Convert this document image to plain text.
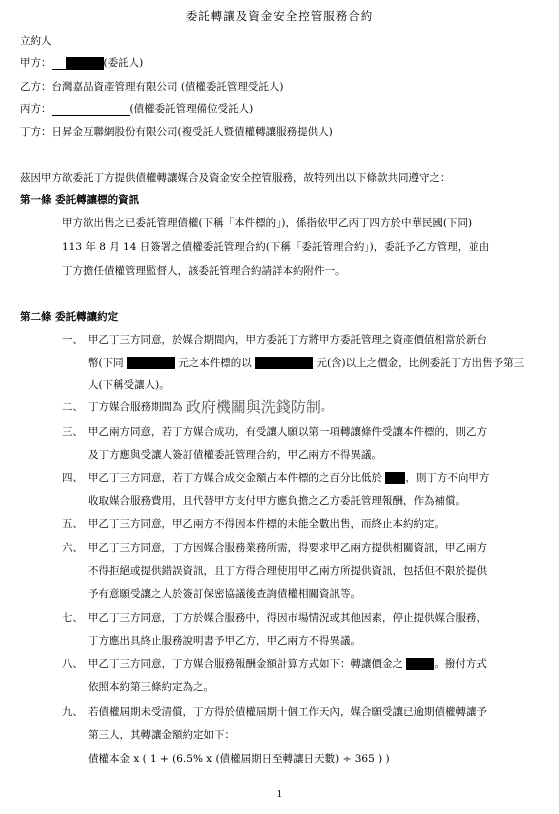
委託轉讓及資金安全控管服務合約
立約人
甲方：	(委託人)
乙方：台灣嘉品資產管理有限公司 (債權委託管理受託人)
丙方：	(債權委託管理備位受託人)
丁方：日昇金互聯網股份有限公司(複受託人暨債權轉讓服務提供人)
茲因甲方欲委託丁方提供債權轉讓媒合及資金安全控管服務，故特列出以下條款共同遵守之：
第一條 委託轉讓標的資訊
甲方欲出售之已委託管理債權(下稱「本件標的」)，係指依甲乙丙丁四方於中華民國(下同)
113 年 8 月 14 日簽署之債權委託管理合約(下稱「委託管理合約」)，委託予乙方管理，並由
丁方擔任債權管理監督人，該委託管理合約請詳本約附件一。
第二條 委託轉讓約定
一、 甲乙丁三方同意，於媒合期間內，甲方委託丁方將甲方委託管理之資產價值相當於新台
幣(下同	元之本件標的以	元(含)以上之價金，比例委託丁方出售予第三
人(下稱受讓人)。
二、 丁方媒合服務期間為 政府機關與洗錢防制。
三、 甲乙兩方同意，若丁方媒合成功，有受讓人願以第一項轉讓條件受讓本件標的，則乙方
及丁方應與受讓人簽訂債權委託管理合約，甲乙兩方不得異議。
四、 甲乙丁三方同意，若丁方媒合成交金額占本件標的之百分比低於 ，則丁方不向甲方
收取媒合服務費用，且代替甲方支付甲方應負擔之乙方委託管理報酬，作為補償。
五、 甲乙丁三方同意，甲乙兩方不得因本件標的未能全數出售，而終止本約約定。
六、 甲乙丁三方同意，丁方因媒合服務業務所需，得要求甲乙兩方提供相關資訊，甲乙兩方
不得拒絕或提供錯誤資訊，且丁方得合理使用甲乙兩方所提供資訊，包括但不限於提供
予有意願受讓之人於簽訂保密協議後查詢債權相關資訊等。
七、 甲乙丁三方同意，丁方於媒合服務中，得因市場情況或其他因素，停止提供媒合服務，
丁方應出具終止服務說明書予甲乙方，甲乙兩方不得異議。
八、 甲乙丁三方同意，丁方媒合服務報酬金額計算方式如下：轉讓價金之	。撥付方式
依照本約第三條約定為之。
九、 若債權屆期未受清償，丁方得於債權屆期十個工作天內，媒合願受讓已逾期債權轉讓予
第三人，其轉讓金額約定如下：
債權本金 x ( 1 + (6.5% x (債權屆期日至轉讓日天數) ÷ 365 ) )
1
